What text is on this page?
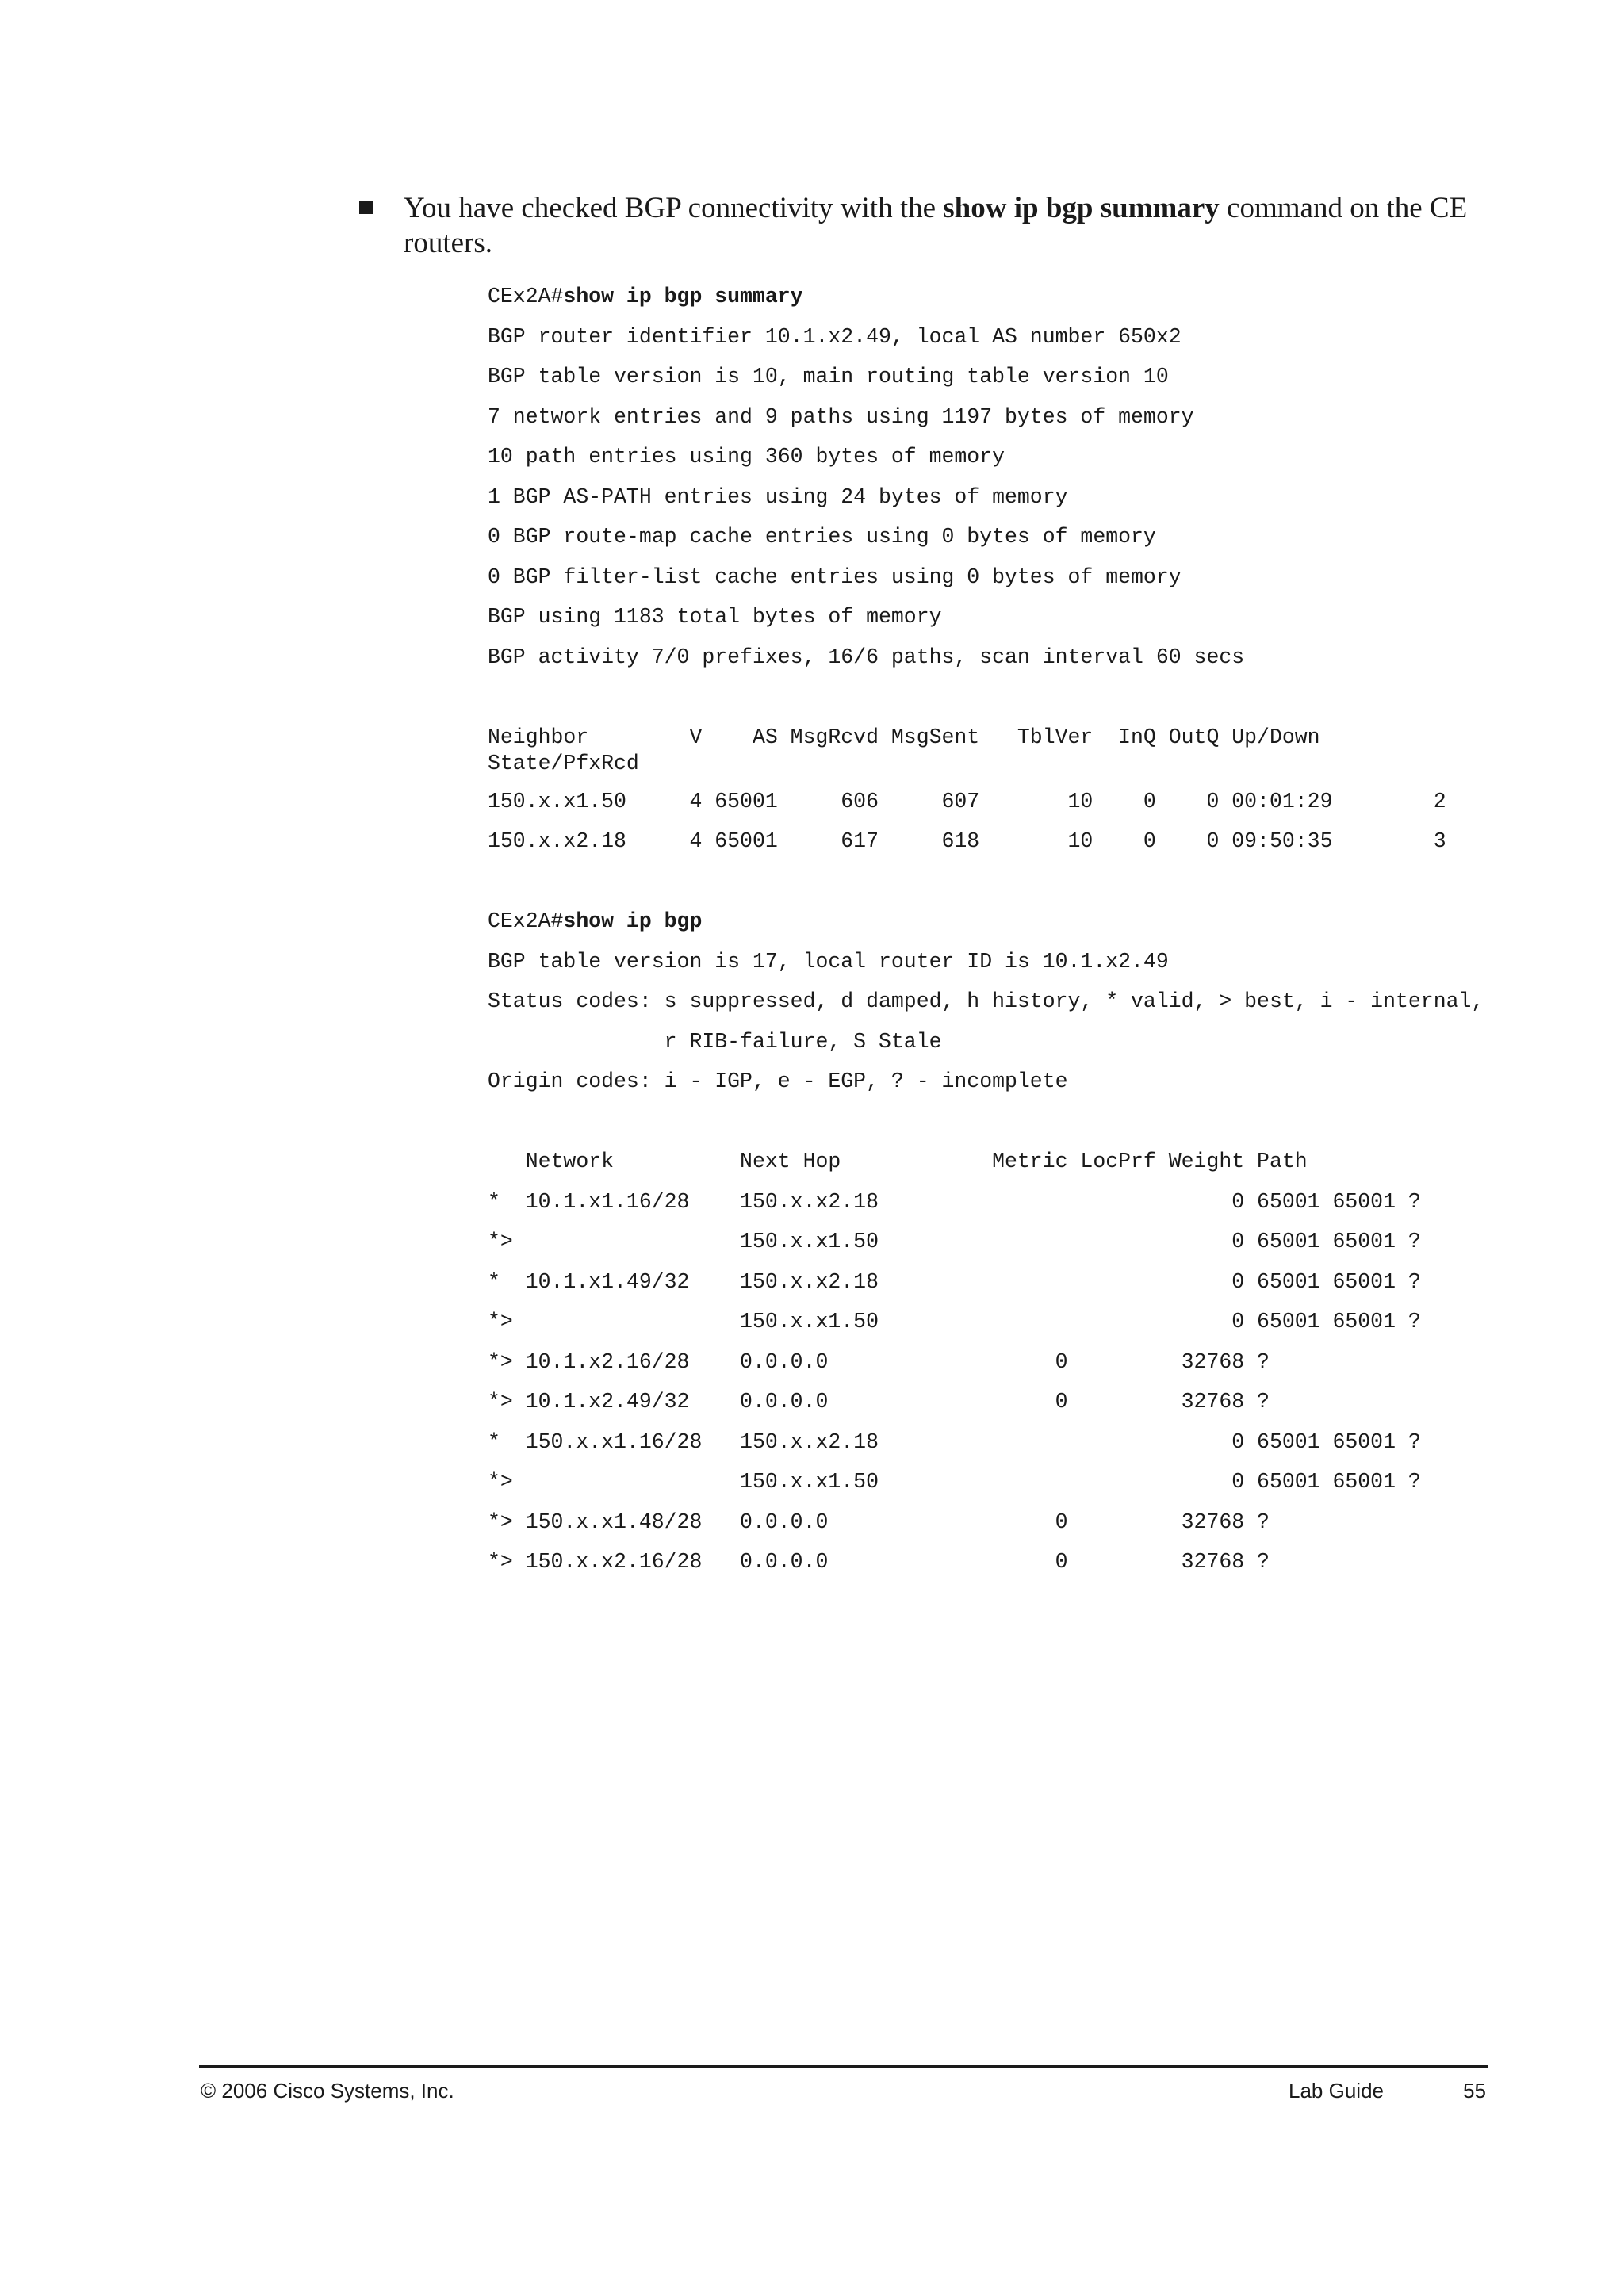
You have checked BGP connectivity with the show ip bgp summary command on the CE routers.
CEx2A#show ip bgp summary
BGP router identifier 10.1.x2.49, local AS number 650x2
BGP table version is 10, main routing table version 10
7 network entries and 9 paths using 1197 bytes of memory
10 path entries using 360 bytes of memory
1 BGP AS-PATH entries using 24 bytes of memory
0 BGP route-map cache entries using 0 bytes of memory
0 BGP filter-list cache entries using 0 bytes of memory
BGP using 1183 total bytes of memory
BGP activity 7/0 prefixes, 16/6 paths, scan interval 60 secs
Neighbor        V    AS MsgRcvd MsgSent   TblVer  InQ OutQ Up/Down
State/PfxRcd
150.x.x1.50     4 65001     606     607       10    0    0 00:01:29        2
150.x.x2.18     4 65001     617     618       10    0    0 09:50:35        3
CEx2A#show ip bgp
BGP table version is 17, local router ID is 10.1.x2.49
Status codes: s suppressed, d damped, h history, * valid, > best, i - internal,
r RIB-failure, S Stale
Origin codes: i - IGP, e - EGP, ? - incomplete
Network          Next Hop            Metric LocPrf Weight Path
*  10.1.x1.16/28    150.x.x2.18                            0 65001 65001 ?
*>                  150.x.x1.50                            0 65001 65001 ?
*  10.1.x1.49/32    150.x.x2.18                            0 65001 65001 ?
*>                  150.x.x1.50                            0 65001 65001 ?
*> 10.1.x2.16/28    0.0.0.0                  0         32768 ?
*> 10.1.x2.49/32    0.0.0.0                  0         32768 ?
*  150.x.x1.16/28   150.x.x2.18                            0 65001 65001 ?
*>                  150.x.x1.50                            0 65001 65001 ?
*> 150.x.x1.48/28   0.0.0.0                  0         32768 ?
*> 150.x.x2.16/28   0.0.0.0                  0         32768 ?
© 2006 Cisco Systems, Inc.	Lab Guide	55
